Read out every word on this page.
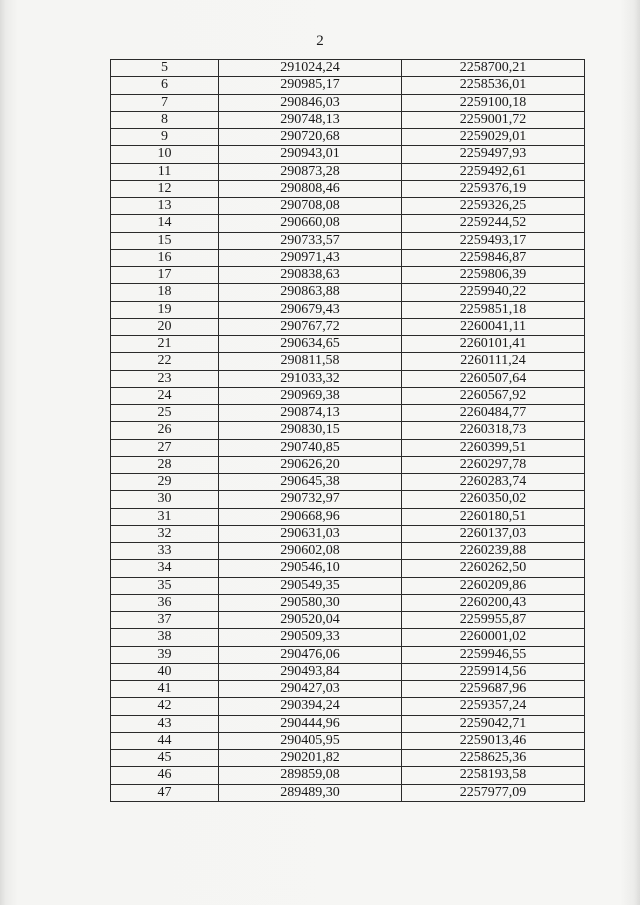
2
5	291024,24	2258700,21
6	290985,17	2258536,01
7	290846,03	2259100,18
8	290748,13	2259001,72
9	290720,68	2259029,01
10	290943,01	2259497,93
11	290873,28	2259492,61
12	290808,46	2259376,19
13	290708,08	2259326,25
14	290660,08	2259244,52
15	290733,57	2259493,17
16	290971,43	2259846,87
17	290838,63	2259806,39
18	290863,88	2259940,22
19	290679,43	2259851,18
20	290767,72	2260041,11
21	290634,65	2260101,41
22	290811,58	2260111,24
23	291033,32	2260507,64
24	290969,38	2260567,92
25	290874,13	2260484,77
26	290830,15	2260318,73
27	290740,85	2260399,51
28	290626,20	2260297,78
29	290645,38	2260283,74
30	290732,97	2260350,02
31	290668,96	2260180,51
32	290631,03	2260137,03
33	290602,08	2260239,88
34	290546,10	2260262,50
35	290549,35	2260209,86
36	290580,30	2260200,43
37	290520,04	2259955,87
38	290509,33	2260001,02
39	290476,06	2259946,55
40	290493,84	2259914,56
41	290427,03	2259687,96
42	290394,24	2259357,24
43	290444,96	2259042,71
44	290405,95	2259013,46
45	290201,82	2258625,36
46	289859,08	2258193,58
47	289489,30	2257977,09
